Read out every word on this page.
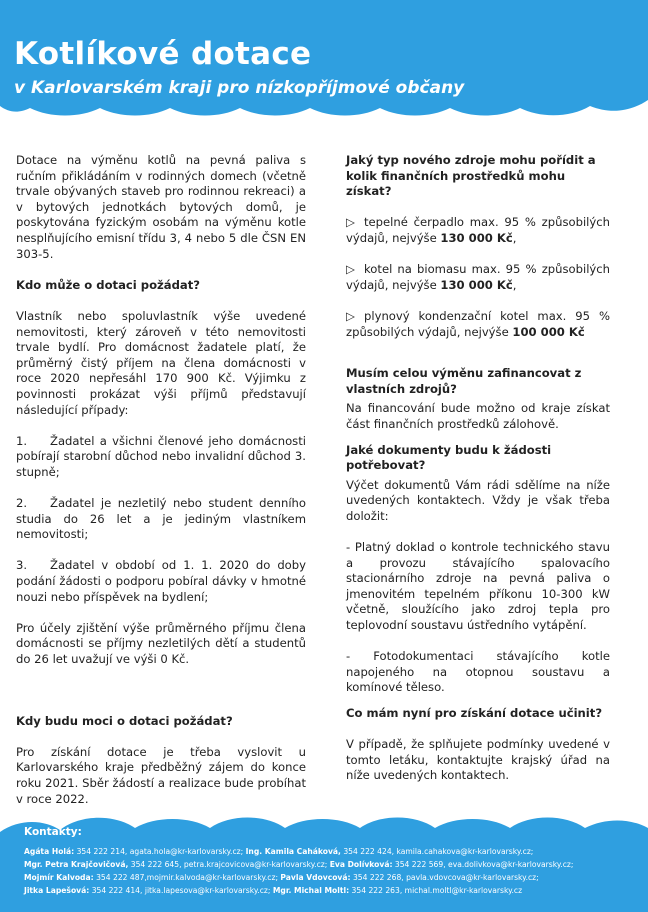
Kotlíkové dotace
v Karlovarském kraji pro nízkopříjmové občany

Dotace na výměnu kotlů na pevná paliva s ručním přikládáním v rodinných domech (včetně trvale obývaných staveb pro rodinnou rekreaci) a v bytových jednotkách bytových domů, je poskytována fyzickým osobám na výměnu kotle nesplňujícího emisní třídu 3, 4 nebo 5 dle ČSN EN 303-5.

Kdo může o dotaci požádat?

Vlastník nebo spoluvlastník výše uvedené nemovitosti, který zároveň v této nemovitosti trvale bydlí. Pro domácnost žadatele platí, že průměrný čistý příjem na člena domácnosti v roce 2020 nepřesáhl 170 900 Kč. Výjimku z povinnosti prokázat výši příjmů představují následující případy:

1. Žadatel a všichni členové jeho domácnosti pobírají starobní důchod nebo invalidní důchod 3. stupně;

2. Žadatel je nezletilý nebo student denního studia do 26 let a je jediným vlastníkem nemovitosti;

3. Žadatel v období od 1. 1. 2020 do doby podání žádosti o podporu pobíral dávky v hmotné nouzi nebo příspěvek na bydlení;

Pro účely zjištění výše průměrného příjmu člena domácnosti se příjmy nezletilých dětí a studentů do 26 let uvažují ve výši 0 Kč.

Kdy budu moci o dotaci požádat?

Pro získání dotace je třeba vyslovit u Karlovarského kraje předběžný zájem do konce roku 2021. Sběr žádostí a realizace bude probíhat v roce 2022.

Jaký typ nového zdroje mohu pořídit a kolik finančních prostředků mohu získat?

▷ tepelné čerpadlo max. 95 % způsobilých výdajů, nejvýše 130 000 Kč,

▷ kotel na biomasu max. 95 % způsobilých výdajů, nejvýše 130 000 Kč,

▷ plynový kondenzační kotel max. 95 % způsobilých výdajů, nejvýše 100 000 Kč

Musím celou výměnu zafinancovat z vlastních zdrojů?

Na financování bude možno od kraje získat část finančních prostředků zálohově.

Jaké dokumenty budu k žádosti potřebovat?

Výčet dokumentů Vám rádi sdělíme na níže uvedených kontaktech. Vždy je však třeba doložit:

- Platný doklad o kontrole technického stavu a provozu stávajícího spalovacího stacionárního zdroje na pevná paliva o jmenovitém tepelném příkonu 10-300 kW včetně, sloužícího jako zdroj tepla pro teplovodní soustavu ústředního vytápění.

- Fotodokumentaci stávajícího kotle napojeného na otopnou soustavu a komínové těleso.

Co mám nyní pro získání dotace učinit?

V případě, že splňujete podmínky uvedené v tomto letáku, kontaktujte krajský úřad na níže uvedených kontaktech.

Kontakty:
Agáta Holá: 354 222 214, agata.hola@kr-karlovarsky.cz; Ing. Kamila Caháková, 354 222 424, kamila.cahakova@kr-karlovarsky.cz;
Mgr. Petra Krajčovičová, 354 222 645, petra.krajcovicova@kr-karlovarsky.cz; Eva Dolívková: 354 222 569, eva.dolivkova@kr-karlovarsky.cz;
Mojmír Kalvoda: 354 222 487,mojmir.kalvoda@kr-karlovarsky.cz; Pavla Vdovcová: 354 222 268, pavla.vdovcova@kr-karlovarsky.cz;
Jitka Lapešová: 354 222 414, jitka.lapesova@kr-karlovarsky.cz; Mgr. Michal Moltl: 354 222 263, michal.moltl@kr-karlovarsky.cz
